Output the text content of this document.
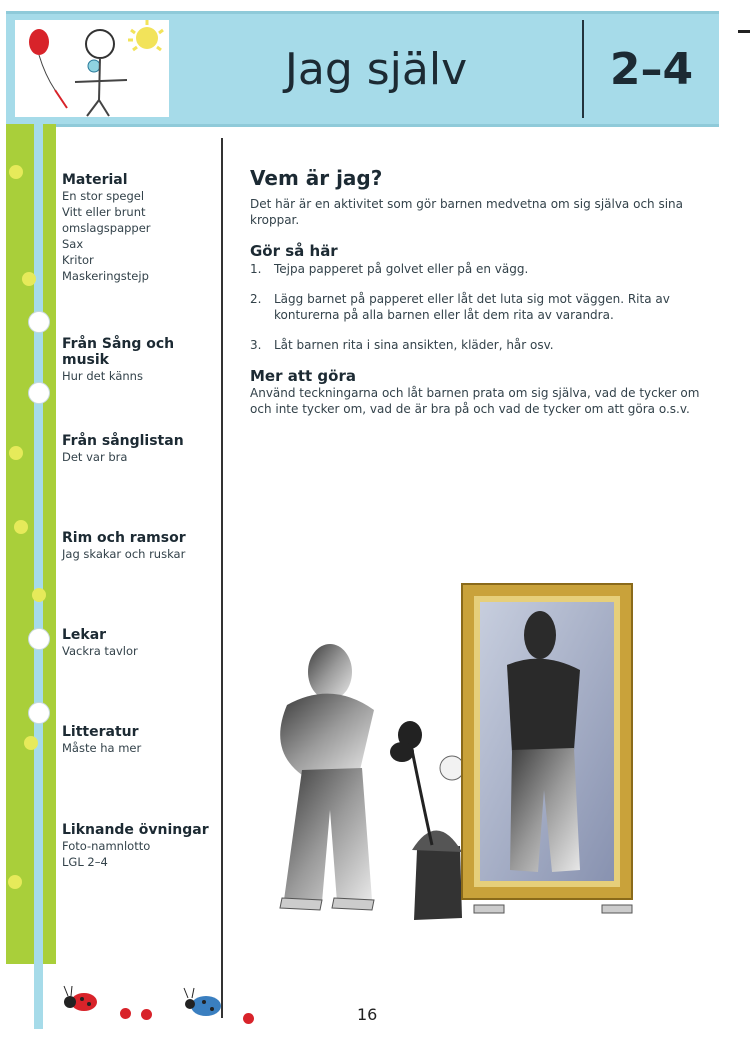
Jag själv	2–4
Material
En stor spegel
Vitt eller brunt
omslagspapper
Sax
Kritor
Maskeringstejp
Från Sång och musik
Hur det känns
Från sånglistan
Det var bra
Rim och ramsor
Jag skakar och ruskar
Lekar
Vackra tavlor
Litteratur
Måste ha mer
Liknande övningar
Foto-namnlotto
LGL 2–4
Vem är jag?

Det här är en aktivitet som gör barnen medvetna om sig själva och sina kroppar.

Gör så här
1.	Tejpa papperet på golvet eller på en vägg.
2.	Lägg barnet på papperet eller låt det luta sig mot väggen. Rita av konturerna på alla barnen eller låt dem rita av varandra.
3.	Låt barnen rita i sina ansikten, kläder, hår osv.
Mer att göra

Använd teckningarna och låt barnen prata om sig själva, vad de tycker om och inte tycker om, vad de är bra på och vad de tycker om att göra o.s.v.

16
